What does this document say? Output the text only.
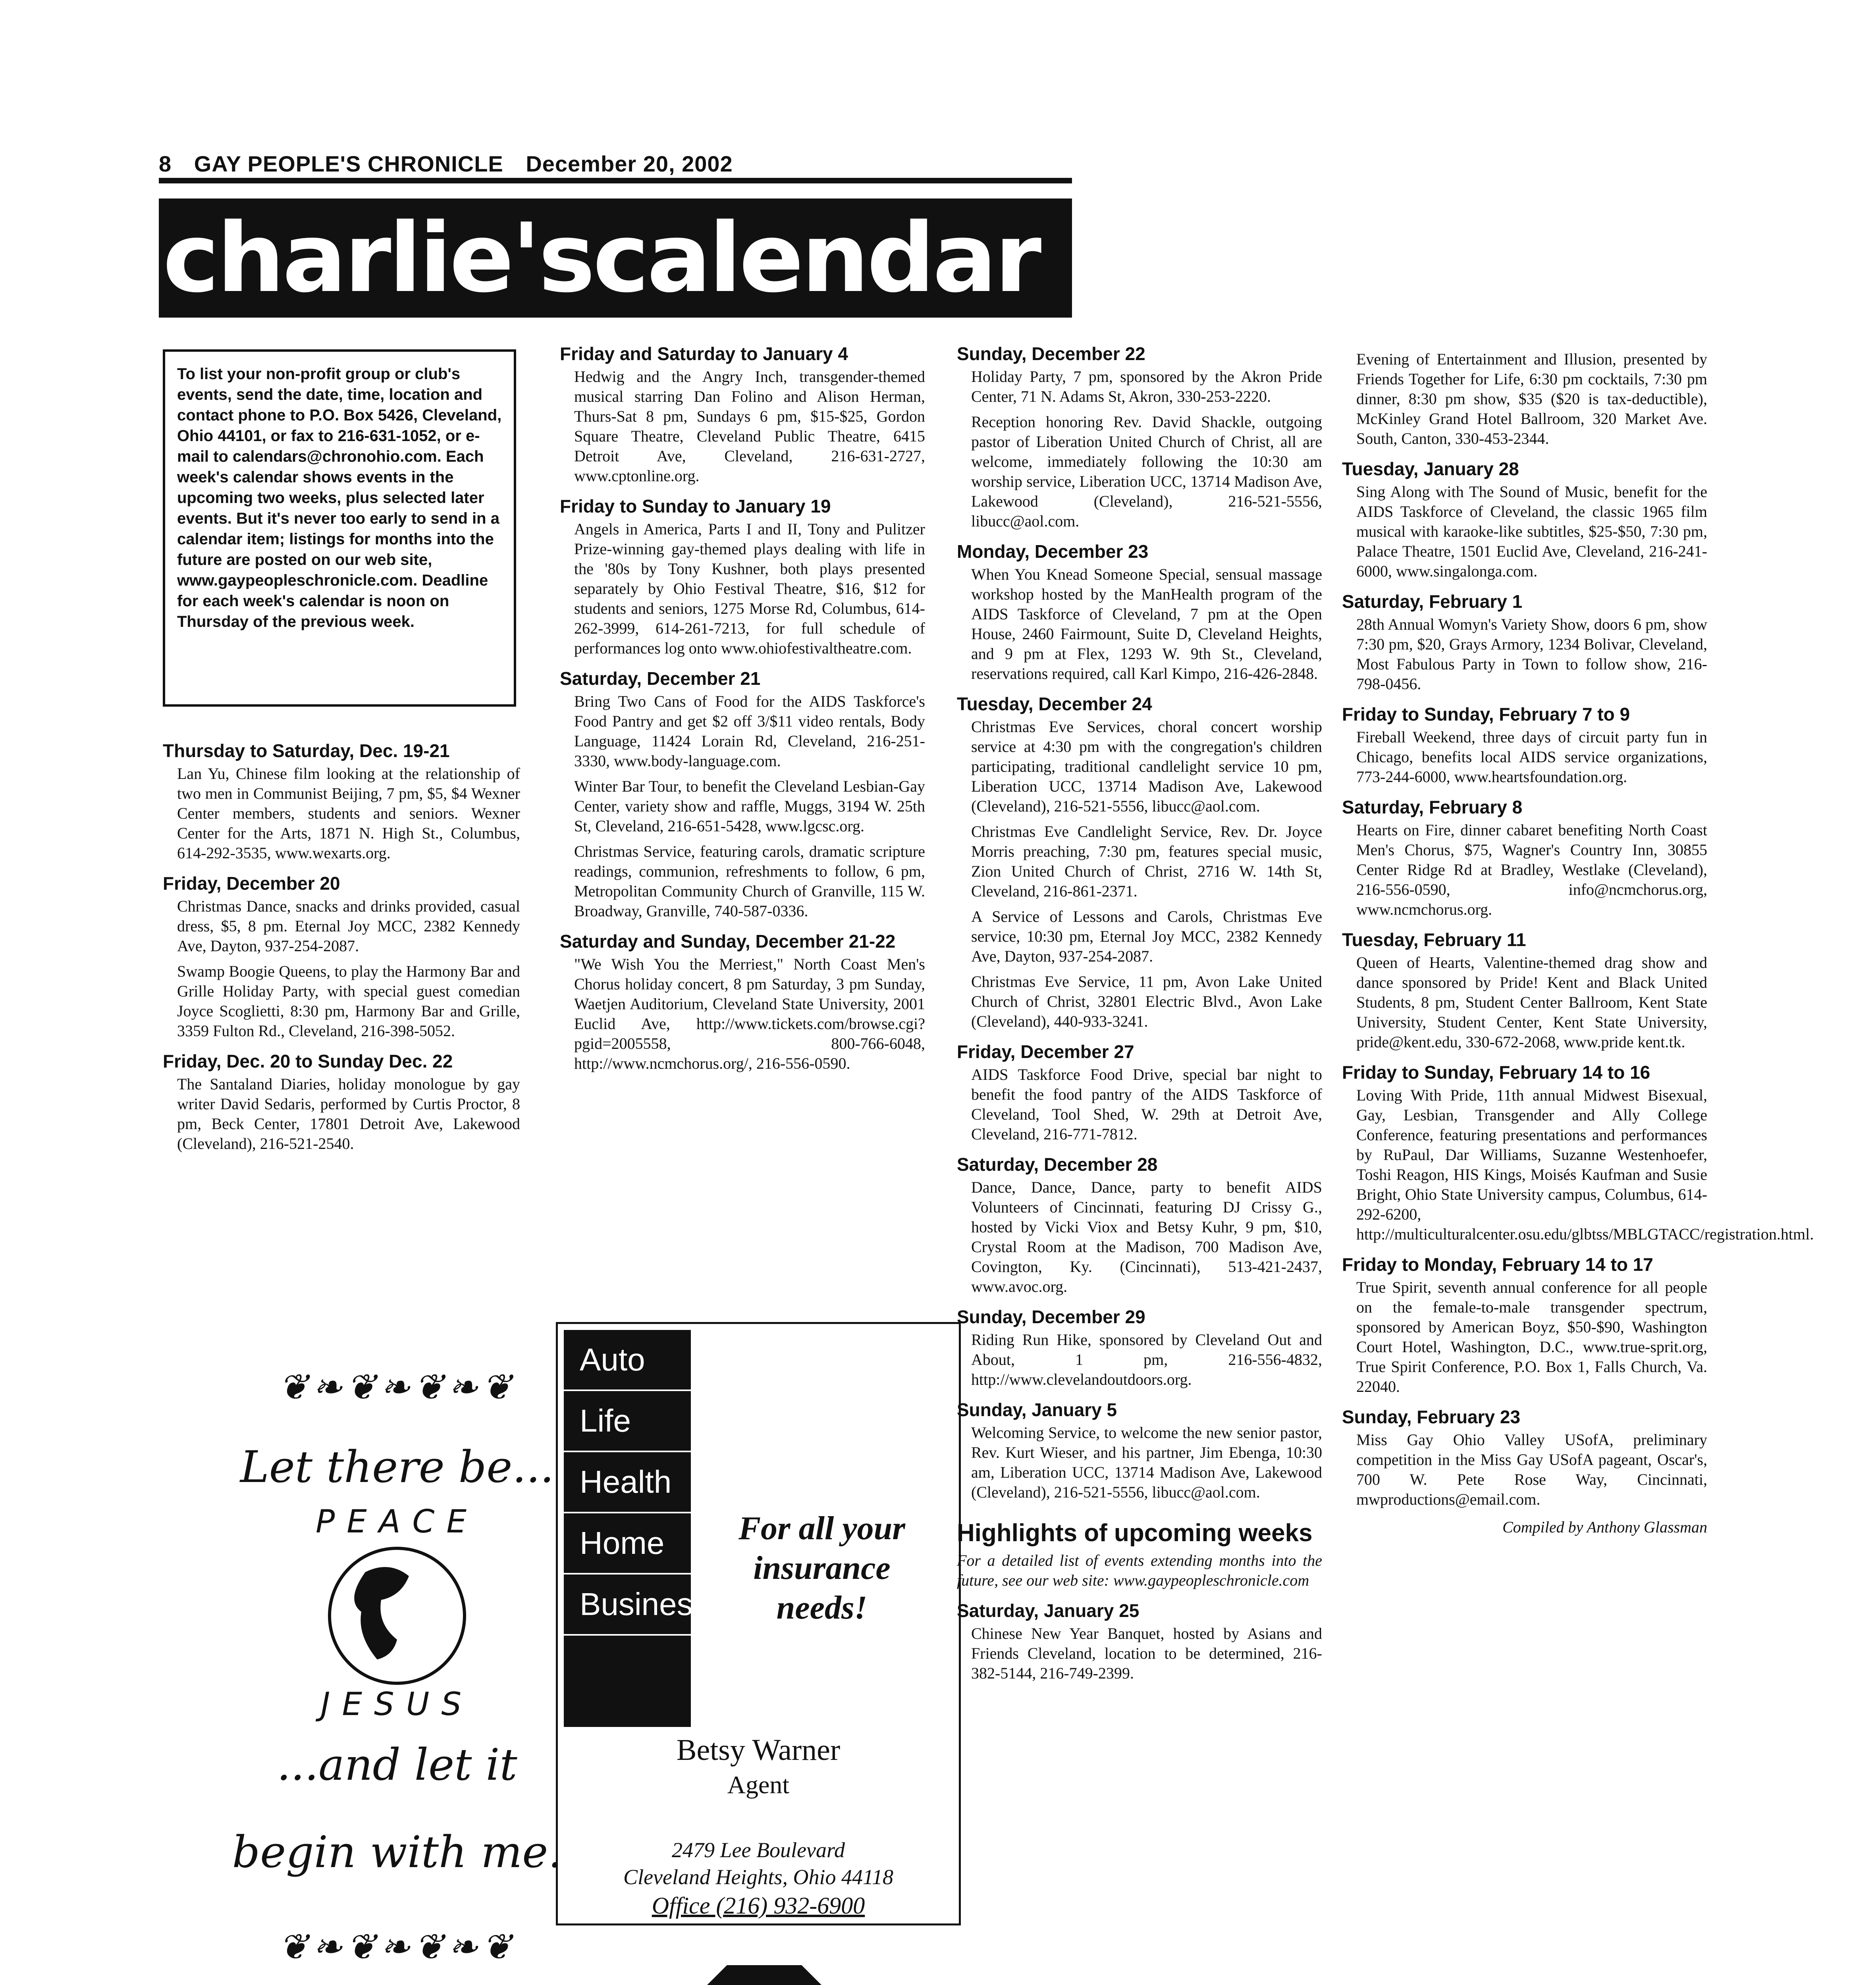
8 GAY PEOPLE'S CHRONICLE December 20, 2002
charlie'scalendar
To list your non-profit group or club's events, send the date, time, location and contact phone to P.O. Box 5426, Cleveland, Ohio 44101, or fax to 216-631-1052, or e-mail to calendars@chronohio.com. Each week's calendar shows events in the upcoming two weeks, plus selected later events. But it's never too early to send in a calendar item; listings for months into the future are posted on our web site, www.gaypeopleschronicle.com. Deadline for each week's calendar is noon on Thursday of the previous week.
Thursday to Saturday, Dec. 19-21
Lan Yu, Chinese film looking at the relationship of two men in Communist Beijing, 7 pm, $5, $4 Wexner Center members, students and seniors. Wexner Center for the Arts, 1871 N. High St., Columbus, 614-292-3535, www.wexarts.org.
Friday, December 20
Christmas Dance, snacks and drinks provided, casual dress, $5, 8 pm. Eternal Joy MCC, 2382 Kennedy Ave, Dayton, 937-254-2087.
Swamp Boogie Queens, to play the Harmony Bar and Grille Holiday Party, with special guest comedian Joyce Scoglietti, 8:30 pm, Harmony Bar and Grille, 3359 Fulton Rd., Cleveland, 216-398-5052.
Friday, Dec. 20 to Sunday Dec. 22
The Santaland Diaries, holiday monologue by gay writer David Sedaris, performed by Curtis Proctor, 8 pm, Beck Center, 17801 Detroit Ave, Lakewood (Cleveland), 216-521-2540.
Friday and Saturday to January 4
Hedwig and the Angry Inch, transgender-themed musical starring Dan Folino and Alison Herman, Thurs-Sat 8 pm, Sundays 6 pm, $15-$25, Gordon Square Theatre, Cleveland Public Theatre, 6415 Detroit Ave, Cleveland, 216-631-2727, www.cptonline.org.
Friday to Sunday to January 19
Angels in America, Parts I and II, Tony and Pulitzer Prize-winning gay-themed plays dealing with life in the '80s by Tony Kushner, both plays presented separately by Ohio Festival Theatre, $16, $12 for students and seniors, 1275 Morse Rd, Columbus, 614-262-3999, 614-261-7213, for full schedule of performances log onto www.ohiofestivaltheatre.com.
Saturday, December 21
Bring Two Cans of Food for the AIDS Taskforce's Food Pantry and get $2 off 3/$11 video rentals, Body Language, 11424 Lorain Rd, Cleveland, 216-251-3330, www.body-language.com.
Winter Bar Tour, to benefit the Cleveland Lesbian-Gay Center, variety show and raffle, Muggs, 3194 W. 25th St, Cleveland, 216-651-5428, www.lgcsc.org.
Christmas Service, featuring carols, dramatic scripture readings, communion, refreshments to follow, 6 pm, Metropolitan Community Church of Granville, 115 W. Broadway, Granville, 740-587-0336.
Saturday and Sunday, December 21-22
"We Wish You the Merriest," North Coast Men's Chorus holiday concert, 8 pm Saturday, 3 pm Sunday, Waetjen Auditorium, Cleveland State University, 2001 Euclid Ave, http://www.tickets.com/browse.cgi?pgid=2005558, 800-766-6048, http://www.ncmchorus.org/, 216-556-0590.
Sunday, December 22
Holiday Party, 7 pm, sponsored by the Akron Pride Center, 71 N. Adams St, Akron, 330-253-2220.
Reception honoring Rev. David Shackle, outgoing pastor of Liberation United Church of Christ, all are welcome, immediately following the 10:30 am worship service, Liberation UCC, 13714 Madison Ave, Lakewood (Cleveland), 216-521-5556, libucc@aol.com.
Monday, December 23
When You Knead Someone Special, sensual massage workshop hosted by the ManHealth program of the AIDS Taskforce of Cleveland, 7 pm at the Open House, 2460 Fairmount, Suite D, Cleveland Heights, and 9 pm at Flex, 1293 W. 9th St., Cleveland, reservations required, call Karl Kimpo, 216-426-2848.
Tuesday, December 24
Christmas Eve Services, choral concert worship service at 4:30 pm with the congregation's children participating, traditional candlelight service 10 pm, Liberation UCC, 13714 Madison Ave, Lakewood (Cleveland), 216-521-5556, libucc@aol.com.
Christmas Eve Candlelight Service, Rev. Dr. Joyce Morris preaching, 7:30 pm, features special music, Zion United Church of Christ, 2716 W. 14th St, Cleveland, 216-861-2371.
A Service of Lessons and Carols, Christmas Eve service, 10:30 pm, Eternal Joy MCC, 2382 Kennedy Ave, Dayton, 937-254-2087.
Christmas Eve Service, 11 pm, Avon Lake United Church of Christ, 32801 Electric Blvd., Avon Lake (Cleveland), 440-933-3241.
Friday, December 27
AIDS Taskforce Food Drive, special bar night to benefit the food pantry of the AIDS Taskforce of Cleveland, Tool Shed, W. 29th at Detroit Ave, Cleveland, 216-771-7812.
Saturday, December 28
Dance, Dance, Dance, party to benefit AIDS Volunteers of Cincinnati, featuring DJ Crissy G., hosted by Vicki Viox and Betsy Kuhr, 9 pm, $10, Crystal Room at the Madison, 700 Madison Ave, Covington, Ky. (Cincinnati), 513-421-2437, www.avoc.org.
Sunday, December 29
Riding Run Hike, sponsored by Cleveland Out and About, 1 pm, 216-556-4832, http://www.clevelandoutdoors.org.
Sunday, January 5
Welcoming Service, to welcome the new senior pastor, Rev. Kurt Wieser, and his partner, Jim Ebenga, 10:30 am, Liberation UCC, 13714 Madison Ave, Lakewood (Cleveland), 216-521-5556, libucc@aol.com.
Highlights of upcoming weeks
For a detailed list of events extending months into the future, see our web site: www.gaypeopleschronicle.com
Saturday, January 25
Chinese New Year Banquet, hosted by Asians and Friends Cleveland, location to be determined, 216-382-5144, 216-749-2399.
Evening of Entertainment and Illusion, presented by Friends Together for Life, 6:30 pm cocktails, 7:30 pm dinner, 8:30 pm show, $35 ($20 is tax-deductible), McKinley Grand Hotel Ballroom, 320 Market Ave. South, Canton, 330-453-2344.
Tuesday, January 28
Sing Along with The Sound of Music, benefit for the AIDS Taskforce of Cleveland, the classic 1965 film musical with karaoke-like subtitles, $25-$50, 7:30 pm, Palace Theatre, 1501 Euclid Ave, Cleveland, 216-241-6000, www.singalonga.com.
Saturday, February 1
28th Annual Womyn's Variety Show, doors 6 pm, show 7:30 pm, $20, Grays Armory, 1234 Bolivar, Cleveland, Most Fabulous Party in Town to follow show, 216-798-0456.
Friday to Sunday, February 7 to 9
Fireball Weekend, three days of circuit party fun in Chicago, benefits local AIDS service organizations, 773-244-6000, www.heartsfoundation.org.
Saturday, February 8
Hearts on Fire, dinner cabaret benefiting North Coast Men's Chorus, $75, Wagner's Country Inn, 30855 Center Ridge Rd at Bradley, Westlake (Cleveland), 216-556-0590, info@ncmchorus.org, www.ncmchorus.org.
Tuesday, February 11
Queen of Hearts, Valentine-themed drag show and dance sponsored by Pride! Kent and Black United Students, 8 pm, Student Center Ballroom, Kent State University, Student Center, Kent State University, pride@kent.edu, 330-672-2068, www.pride kent.tk.
Friday to Sunday, February 14 to 16
Loving With Pride, 11th annual Midwest Bisexual, Gay, Lesbian, Transgender and Ally College Conference, featuring presentations and performances by RuPaul, Dar Williams, Suzanne Westenhoefer, Toshi Reagon, HIS Kings, Moisés Kaufman and Susie Bright, Ohio State University campus, Columbus, 614-292-6200, http://multiculturalcenter.osu.edu/glbtss/MBLGTACC/registration.html.
Friday to Monday, February 14 to 17
True Spirit, seventh annual conference for all people on the female-to-male transgender spectrum, sponsored by American Boyz, $50-$90, Washington Court Hotel, Washington, D.C., www.true-sprit.org, True Spirit Conference, P.O. Box 1, Falls Church, Va. 22040.
Sunday, February 23
Miss Gay Ohio Valley USofA, preliminary competition in the Miss Gay USofA pageant, Oscar's, 700 W. Pete Rose Way, Cincinnati, mwproductions@email.com.
Compiled by Anthony Glassman
❦❧❦❧❦❧❦
Let there be...
PEACE
JESUS
...and let it
begin with me.
❦❧❦❧❦❧❦
Auto
Life
Health
Home
Business
For all your insurance needs!
Betsy Warner
Agent
2479 Lee Boulevard
Cleveland Heights, Ohio 44118
Office (216) 932-6900
